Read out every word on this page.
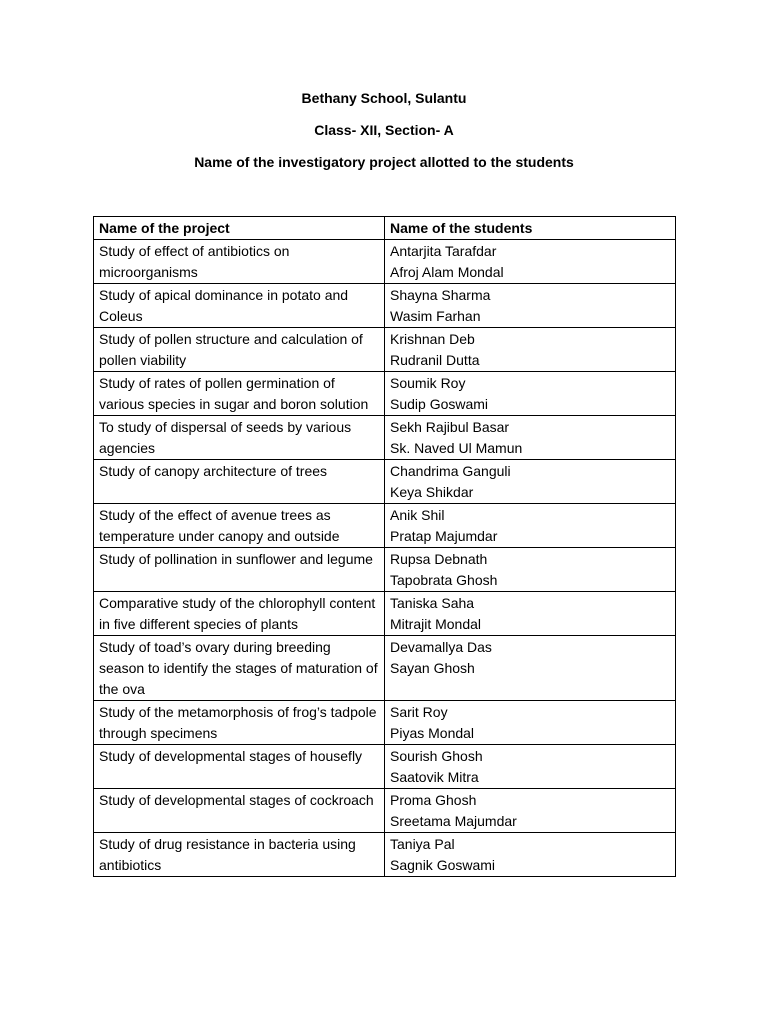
Bethany School, Sulantu

Class- XII, Section- A

Name of the investigatory project allotted to the students

Name of the project	Name of the students
Study of effect of antibiotics on microorganisms	Antarjita Tarafdar
Afroj Alam Mondal

Study of apical dominance in potato and Coleus	Shayna Sharma
Wasim Farhan

Study of pollen structure and calculation of pollen viability	Krishnan Deb
Rudranil Dutta

Study of rates of pollen germination of various species in sugar and boron solution	Soumik Roy
Sudip Goswami

To study of dispersal of seeds by various agencies	Sekh Rajibul Basar
Sk. Naved Ul Mamun

Study of canopy architecture of trees	Chandrima Ganguli
Keya Shikdar

Study of the effect of avenue trees as temperature under canopy and outside	Anik Shil
Pratap Majumdar

Study of pollination in sunflower and legume	Rupsa Debnath
Tapobrata Ghosh

Comparative study of the chlorophyll content in five different species of plants	Taniska Saha
Mitrajit Mondal

Study of toad’s ovary during breeding season to identify the stages of maturation of the ova	Devamallya Das
Sayan Ghosh

Study of the metamorphosis of frog’s tadpole through specimens	Sarit Roy
Piyas Mondal

Study of developmental stages of housefly	Sourish Ghosh
Saatovik Mitra

Study of developmental stages of cockroach	Proma Ghosh
Sreetama Majumdar

Study of drug resistance in bacteria using antibiotics	Taniya Pal
Sagnik Goswami
